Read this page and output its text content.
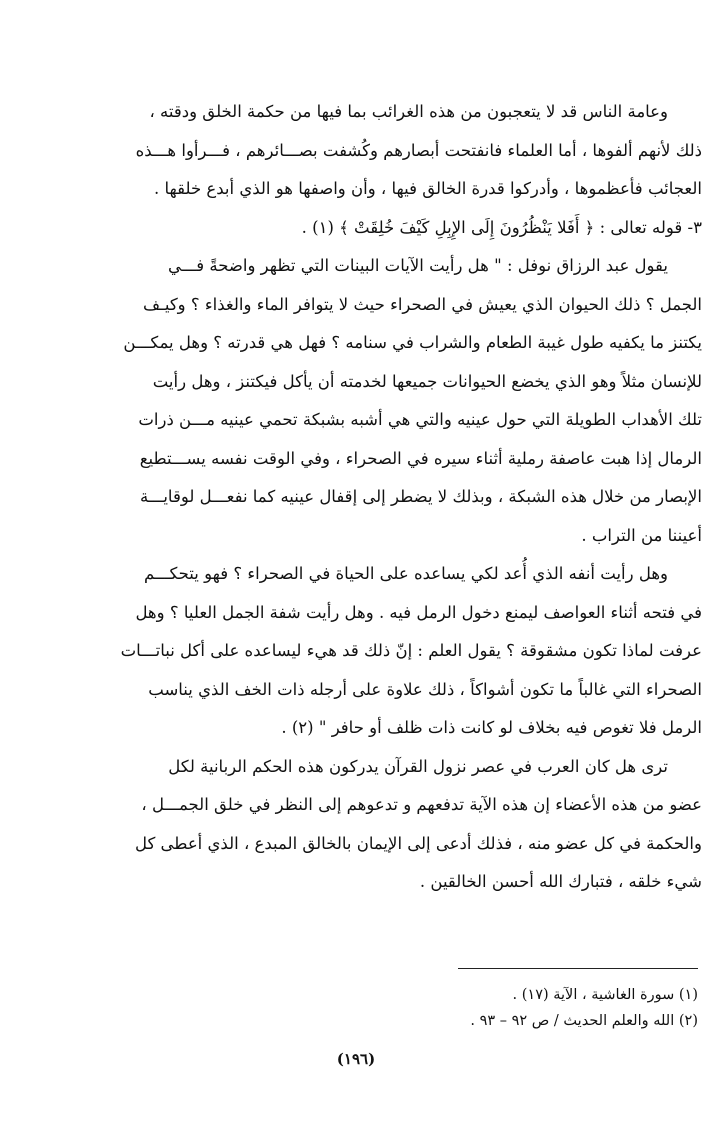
وعامة الناس قد لا يتعجبون من هذه الغرائب بما فيها من حكمة الخلق ودقته ،
ذلك لأنهم ألفوها ، أما العلماء فانفتحت أبصارهم وكُشفت بصـــائرهم ، فـــرأوا هـــذه
العجائب فأعظموها ، وأدركوا قدرة الخالق فيها ، وأن واصفها هو الذي أبدع خلقها .
٣- قوله تعالى : ﴿ أَفَلا يَنْظُرُونَ إِلَى الإِبِلِ كَيْفَ خُلِقَتْ ﴾ (١) .
يقول عبد الرزاق نوفل : " هل رأيت الآيات البينات التي تظهر واضحةً فـــي
الجمل ؟ ذلك الحيوان الذي يعيش في الصحراء حيث لا يتوافر الماء والغذاء ؟ وكيـف
يكتنز ما يكفيه طول غيبة الطعام والشراب في سنامه ؟ فهل هي قدرته ؟ وهل يمكـــن
للإنسان مثلاً وهو الذي يخضع الحيوانات جميعها لخدمته أن يأكل فيكتنز ، وهل رأيت
تلك الأهداب الطويلة التي حول عينيه والتي هي أشبه بشبكة تحمي عينيه مـــن ذرات
الرمال إذا هبت عاصفة رملية أثناء سيره في الصحراء ، وفي الوقت نفسه يســـتطيع
الإبصار من خلال هذه الشبكة ، وبذلك لا يضطر إلى إقفال عينيه كما نفعـــل لوقايـــة
أعيننا من التراب .
وهل رأيت أنفه الذي أُعد لكي يساعده على الحياة في الصحراء ؟ فهو يتحكـــم
في فتحه أثناء العواصف ليمنع دخول الرمل فيه . وهل رأيت شفة الجمل العليا ؟ وهل
عرفت لماذا تكون مشقوقة ؟ يقول العلم : إنّ ذلك قد هيء ليساعده على أكل نباتـــات
الصحراء التي غالباً ما تكون أشواكاً ، ذلك علاوة على أرجله ذات الخف الذي يناسب
الرمل فلا تغوص فيه بخلاف لو كانت ذات ظلف أو حافر " (٢) .
ترى هل كان العرب في عصر نزول القرآن يدركون هذه الحكم الربانية لكل
عضو من هذه الأعضاء إن هذه الآية تدفعهم و تدعوهم إلى النظر في خلق الجمـــل ،
والحكمة في كل عضو منه ، فذلك أدعى إلى الإيمان بالخالق المبدع ، الذي أعطى كل
شيء خلقه ، فتبارك الله أحسن الخالقين .
(١) سورة الغاشية ، الآية (١٧) .
(٢) الله والعلم الحديث / ص ٩٢ – ٩٣ .
(١٩٦)
